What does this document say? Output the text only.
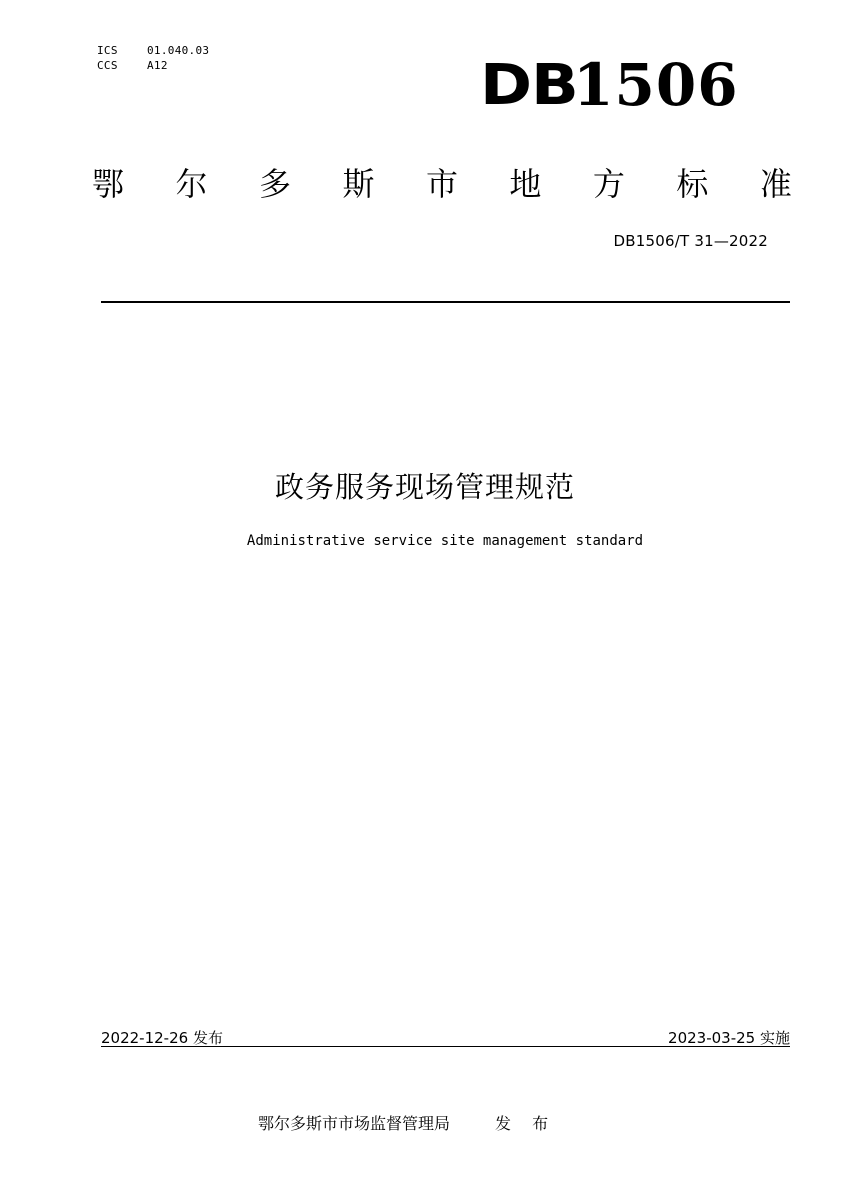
ICS	01.040.03
CCS	A12	DB
1506
鄂 尔 多 斯 市 地 方 标 准
DB1506/T 31—2022
政务服务现场管理规范
Administrative service site management standard
2022-12-26 发布	2023-03-25 实施
鄂尔多斯市市场监督管理局	发 布
